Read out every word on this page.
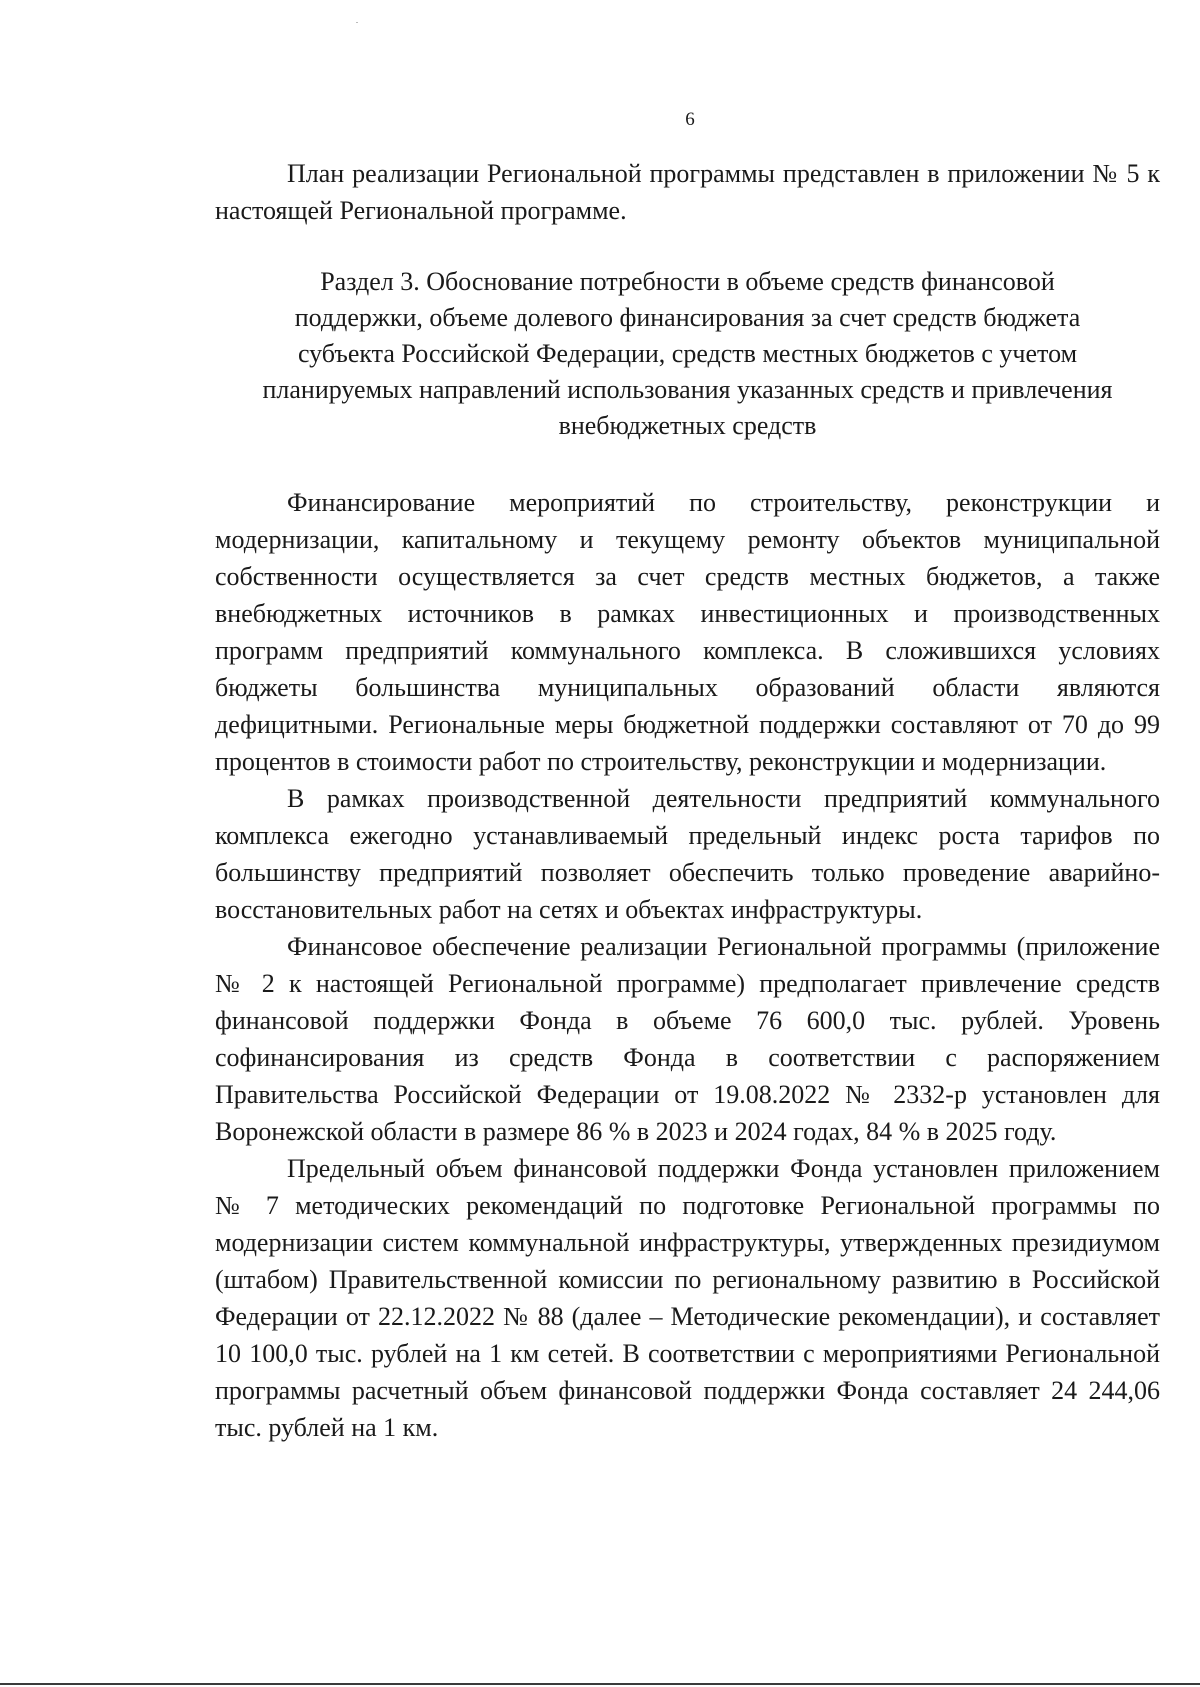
6

План реализации Региональной программы представлен в приложении № 5 к настоящей Региональной программе.

Раздел 3. Обоснование потребности в объеме средств финансовой
поддержки, объеме долевого финансирования за счет средств бюджета
субъекта Российской Федерации, средств местных бюджетов с учетом
планируемых направлений использования указанных средств и привлечения
внебюджетных средств

Финансирование мероприятий по строительству, реконструкции и модернизации, капитальному и текущему ремонту объектов муниципальной собственности осуществляется за счет средств местных бюджетов, а также внебюджетных источников в рамках инвестиционных и производственных программ предприятий коммунального комплекса. В сложившихся условиях бюджеты большинства муниципальных образований области являются дефицитными. Региональные меры бюджетной поддержки составляют от 70 до 99 процентов в стоимости работ по строительству, реконструкции и модернизации.

В рамках производственной деятельности предприятий коммунального комплекса ежегодно устанавливаемый предельный индекс роста тарифов по большинству предприятий позволяет обеспечить только проведение аварийно-восстановительных работ на сетях и объектах инфраструктуры.

Финансовое обеспечение реализации Региональной программы (приложение № 2 к настоящей Региональной программе) предполагает привлечение средств финансовой поддержки Фонда в объеме 76 600,0 тыс. рублей. Уровень софинансирования из средств Фонда в соответствии с распоряжением Правительства Российской Федерации от 19.08.2022 № 2332-р установлен для Воронежской области в размере 86 % в 2023 и 2024 годах, 84 % в 2025 году.

Предельный объем финансовой поддержки Фонда установлен приложением № 7 методических рекомендаций по подготовке Региональной программы по модернизации систем коммунальной инфраструктуры, утвержденных президиумом (штабом) Правительственной комиссии по региональному развитию в Российской Федерации от 22.12.2022 № 88 (далее – Методические рекомендации), и составляет 10 100,0 тыс. рублей на 1 км сетей. В соответствии с мероприятиями Региональной программы расчетный объем финансовой поддержки Фонда составляет 24 244,06 тыс. рублей на 1 км.
